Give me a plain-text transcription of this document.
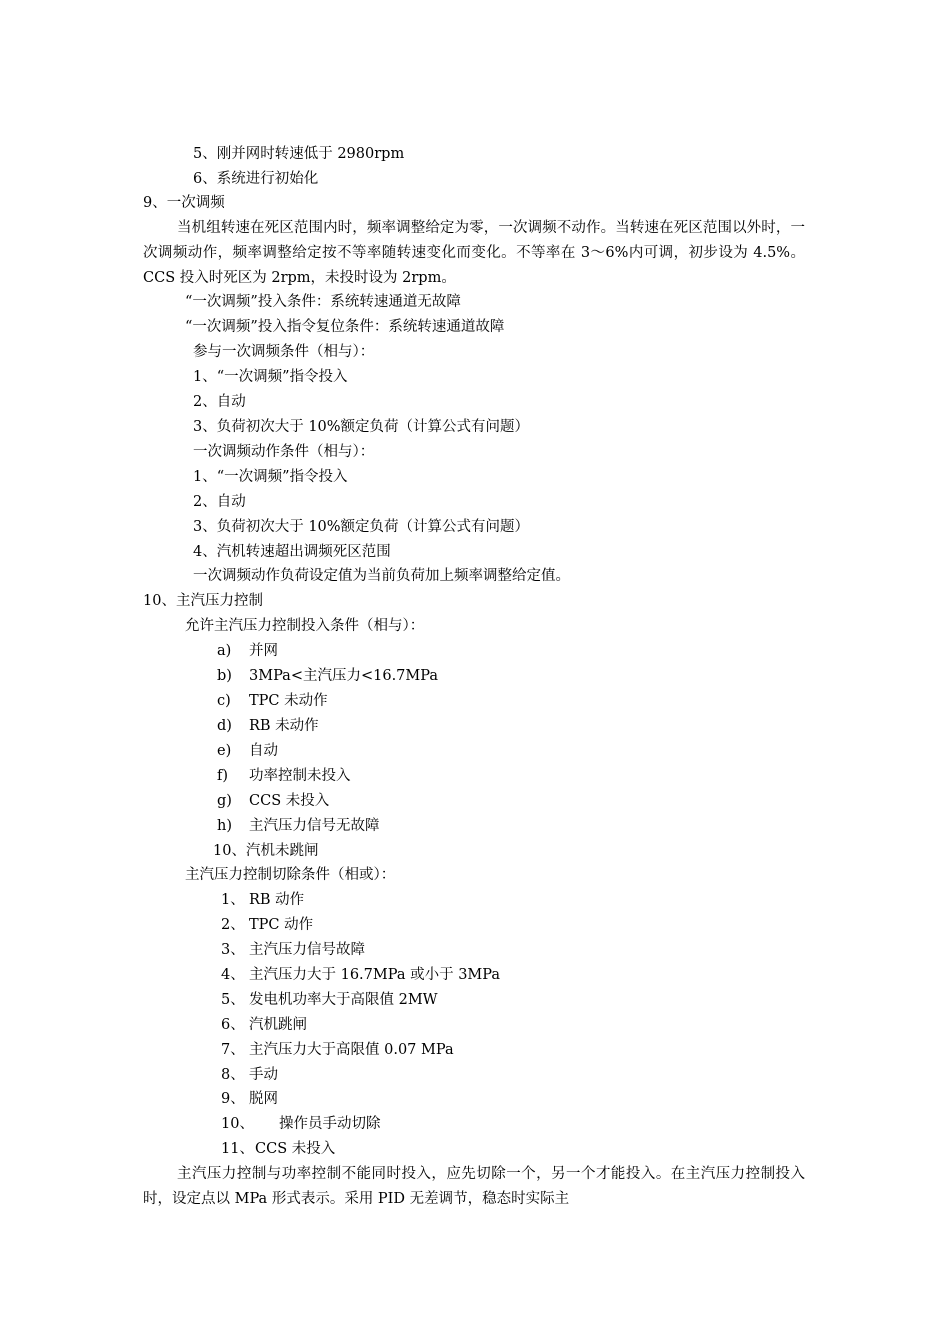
5、刚并网时转速低于 2980rpm
6、系统进行初始化
9、一次调频
当机组转速在死区范围内时，频率调整给定为零，一次调频不动作。当转速在死区范围以外时，一次调频动作，频率调整给定按不等率随转速变化而变化。不等率在 3～6%内可调，初步设为 4.5%。CCS 投入时死区为 2rpm，未投时设为 2rpm。
“一次调频”投入条件：系统转速通道无故障
“一次调频”投入指令复位条件：系统转速通道故障
参与一次调频条件（相与）：
1、“一次调频”指令投入
2、自动
3、负荷初次大于 10%额定负荷（计算公式有问题）
一次调频动作条件（相与）：
1、“一次调频”指令投入
2、自动
3、负荷初次大于 10%额定负荷（计算公式有问题）
4、汽机转速超出调频死区范围
一次调频动作负荷设定值为当前负荷加上频率调整给定值。
10、主汽压力控制
允许主汽压力控制投入条件（相与）：
a) 并网
b) 3MPa<主汽压力<16.7MPa
c) TPC 未动作
d) RB 未动作
e) 自动
f) 功率控制未投入
g) CCS 未投入
h) 主汽压力信号无故障
10、汽机未跳闸
主汽压力控制切除条件（相或）：
1、 RB 动作
2、 TPC 动作
3、 主汽压力信号故障
4、 主汽压力大于 16.7MPa 或小于 3MPa
5、 发电机功率大于高限值 2MW
6、 汽机跳闸
7、 主汽压力大于高限值 0.07 MPa
8、 手动
9、 脱网
10、 操作员手动切除
11、 CCS 未投入
主汽压力控制与功率控制不能同时投入，应先切除一个，另一个才能投入。在主汽压力控制投入时，设定点以 MPa 形式表示。采用 PID 无差调节，稳态时实际主
